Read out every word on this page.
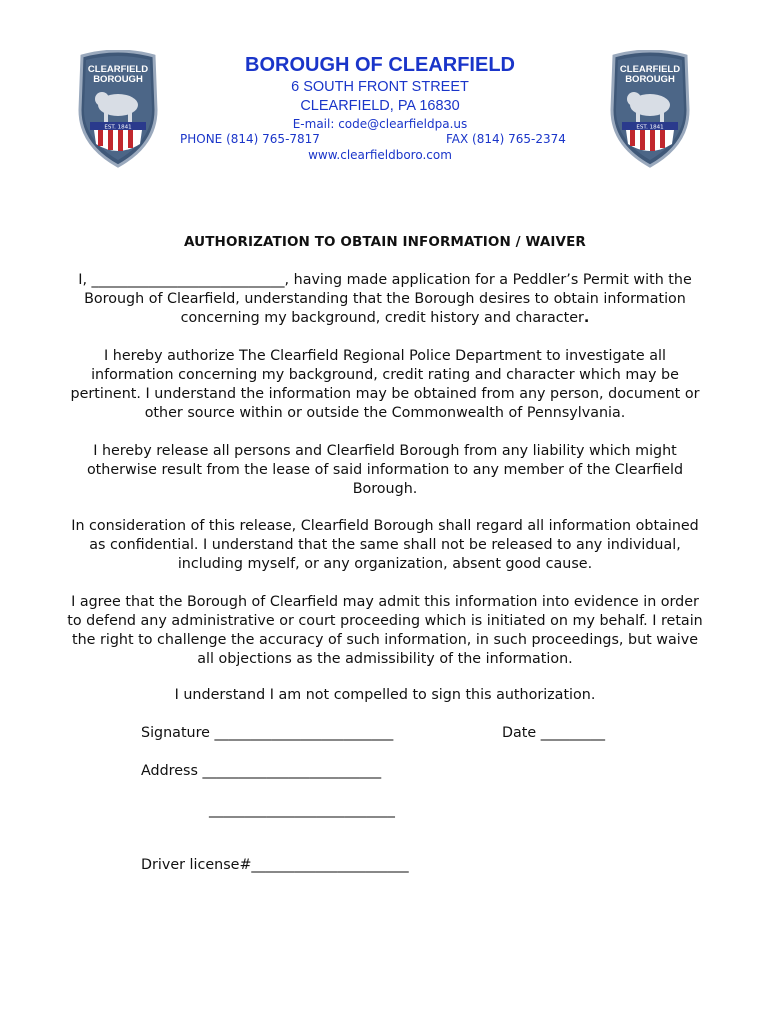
CLEARFIELD
BOROUGH
EST. 1841
CLEARFIELD
BOROUGH
EST. 1841
BOROUGH OF CLEARFIELD
6 SOUTH FRONT STREET
CLEARFIELD, PA 16830
E-mail: code@clearfieldpa.us
PHONE (814) 765-7817	FAX (814) 765-2374
www.clearfieldboro.com
AUTHORIZATION TO OBTAIN INFORMATION / WAIVER
I, ___________________________, having made application for a Peddler’s Permit with the Borough of Clearfield, understanding that the Borough desires to obtain information concerning my background, credit history and character.
I hereby authorize The Clearfield Regional Police Department to investigate all information concerning my background, credit rating and character which may be pertinent. I understand the information may be obtained from any person, document or other source within or outside the Commonwealth of Pennsylvania.
I hereby release all persons and Clearfield Borough from any liability which might otherwise result from the lease of said information to any member of the Clearfield Borough.
In consideration of this release, Clearfield Borough shall regard all information obtained as confidential. I understand that the same shall not be released to any individual, including myself, or any organization, absent good cause.
I agree that the Borough of Clearfield may admit this information into evidence in order to defend any administrative or court proceeding which is initiated on my behalf. I retain the right to challenge the accuracy of such information, in such proceedings, but waive all objections as the admissibility of the information.
I understand I am not compelled to sign this authorization.
Signature _________________________	Date _________
Address _________________________
__________________________
Driver license#______________________
